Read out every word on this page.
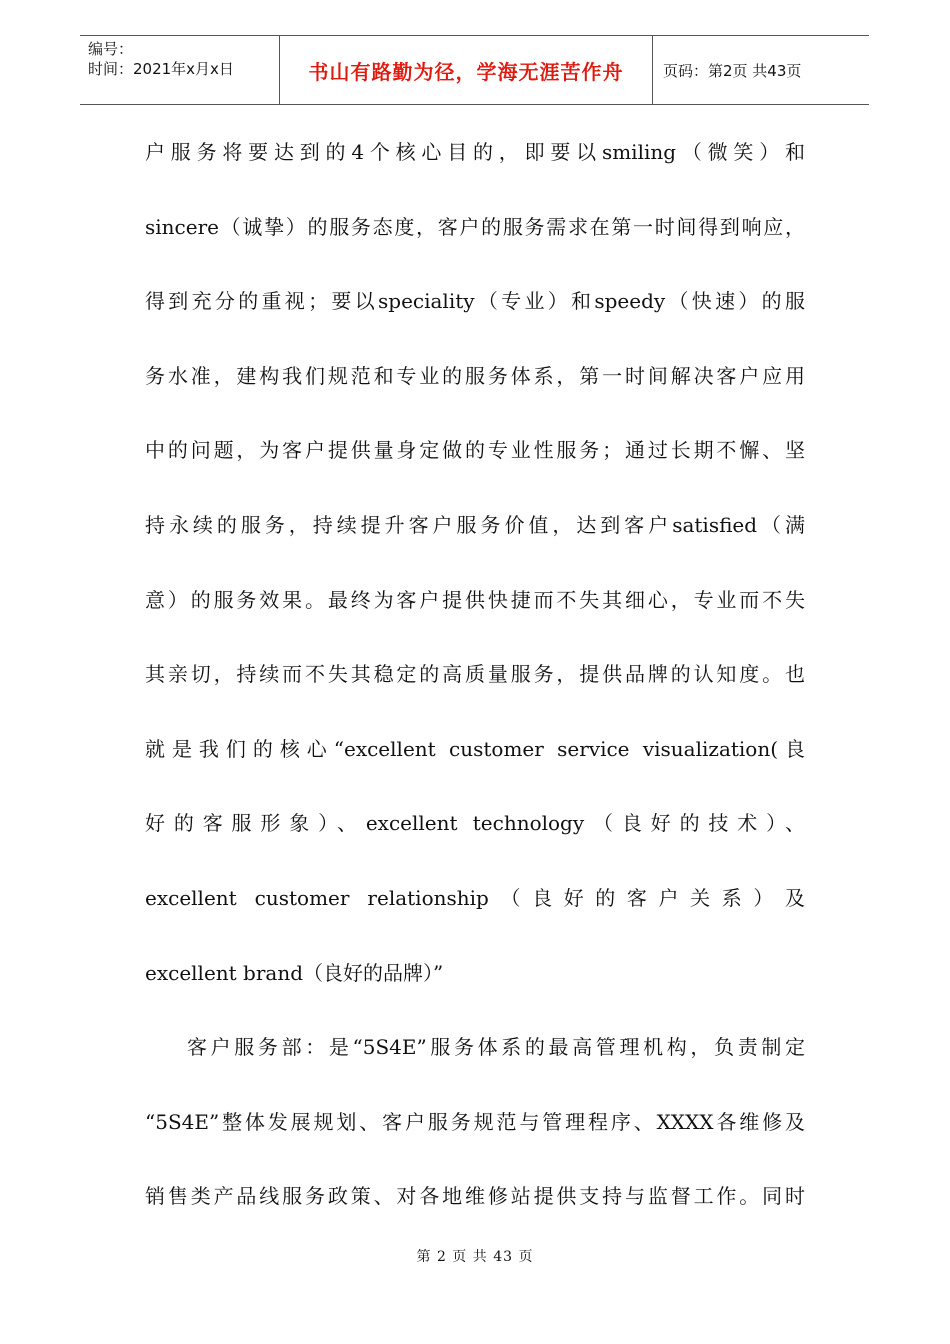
编号：
时间：2021年x月x日	书山有路勤为径，学海无涯苦作舟	页码：第2页 共43页
户服务将要达到的4个核心目的，即要以smiling（微笑）和
sincere（诚挚）的服务态度，客户的服务需求在第一时间得到响应，
得到充分的重视；要以speciality（专业）和speedy（快速）的服
务水准，建构我们规范和专业的服务体系，第一时间解决客户应用
中的问题，为客户提供量身定做的专业性服务；通过长期不懈、坚
持永续的服务，持续提升客户服务价值，达到客户satisfied（满
意）的服务效果。最终为客户提供快捷而不失其细心，专业而不失
其亲切，持续而不失其稳定的高质量服务，提供品牌的认知度。也
就是我们的核心“excellent customer service visualization(良
好的客服形象）、excellent technology（良好的技术）、
excellent customer relationship（良好的客户关系）及
excellent brand（良好的品牌）”
客户服务部：是“5S4E”服务体系的最高管理机构，负责制定
“5S4E”整体发展规划、客户服务规范与管理程序、XXXX各维修及
销售类产品线服务政策、对各地维修站提供支持与监督工作。同时
第 2 页 共 43 页
